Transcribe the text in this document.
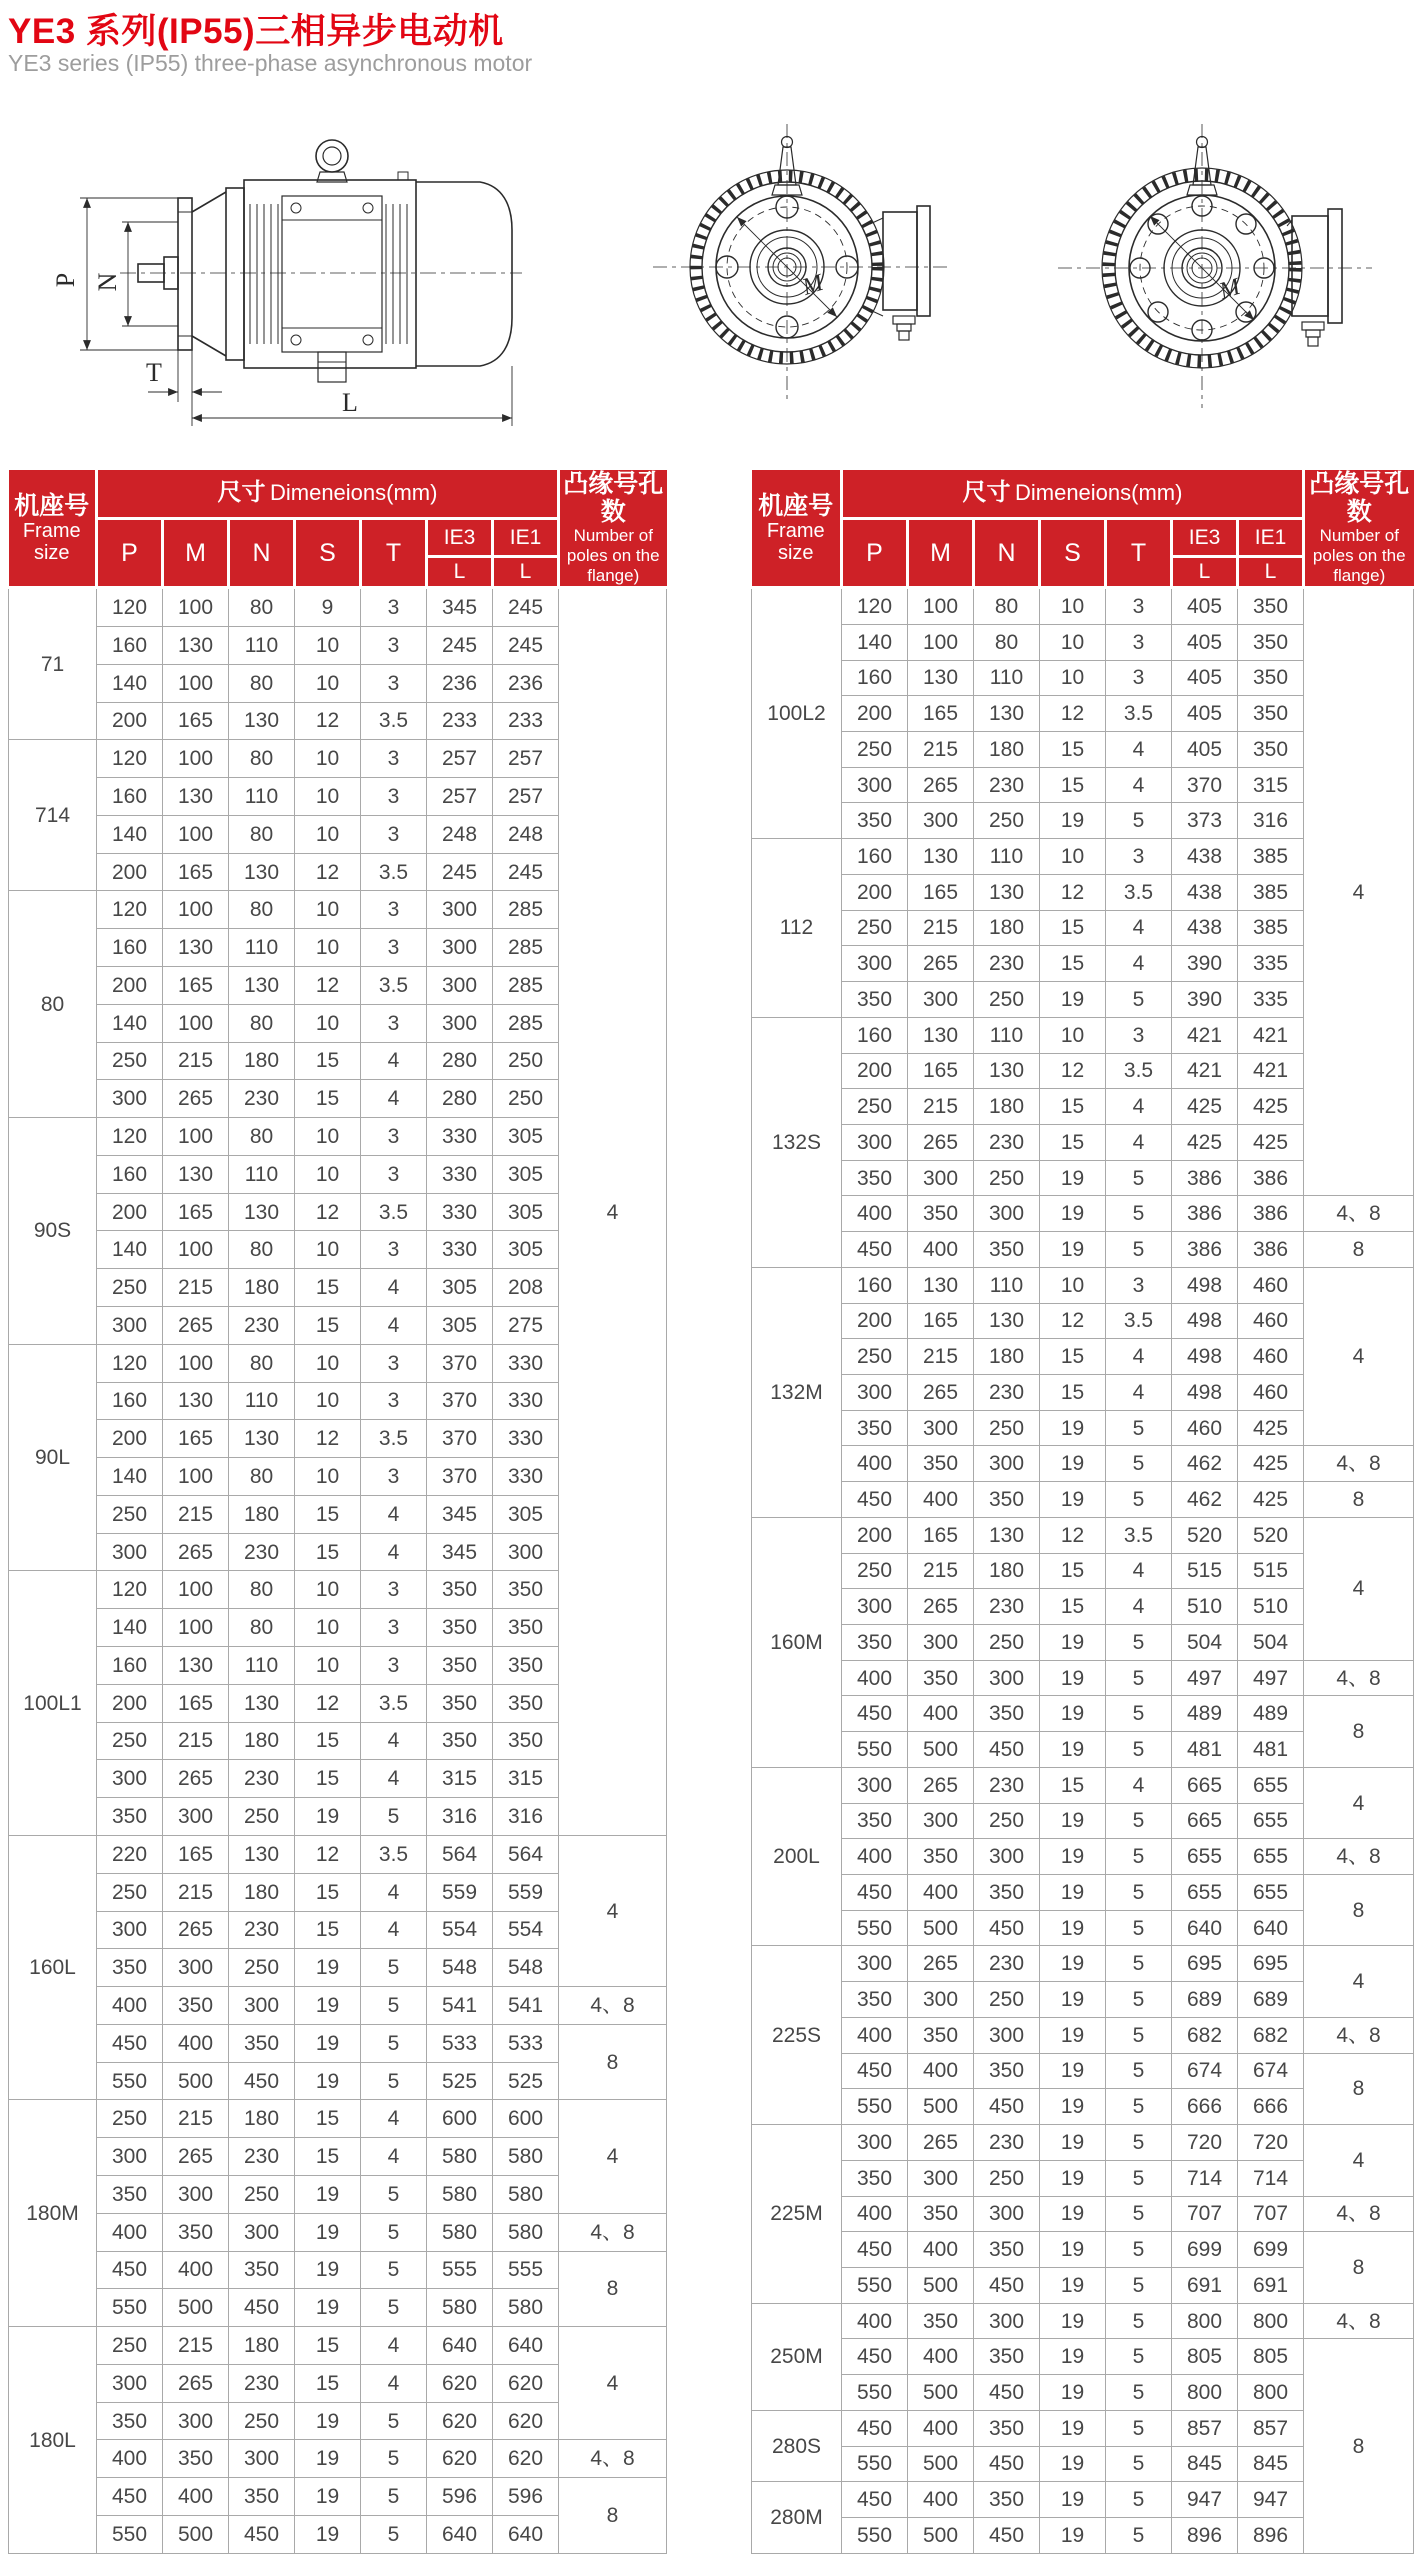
YE3 系列(IP55)三相异步电动机
YE3 series (IP55) three-phase asynchronous motor
P N
T
L
M	M
机座号
Frame size	尺寸 Dimeneions(mm)							凸缘号孔数
Number of poles on the flange)

	P	M	N	S	T	IE3	IE1	
						L	L	
71	120	100	80	9	3	345	245	4
	160	130	110	10	3	245	245	
	140	100	80	10	3	236	236	
	200	165	130	12	3.5	233	233	
714	120	100	80	10	3	257	257	
	160	130	110	10	3	257	257	
	140	100	80	10	3	248	248	
	200	165	130	12	3.5	245	245	
80	120	100	80	10	3	300	285	
	160	130	110	10	3	300	285	
	200	165	130	12	3.5	300	285	
	140	100	80	10	3	300	285	
	250	215	180	15	4	280	250	
	300	265	230	15	4	280	250	
90S	120	100	80	10	3	330	305	
	160	130	110	10	3	330	305	
	200	165	130	12	3.5	330	305	
	140	100	80	10	3	330	305	
	250	215	180	15	4	305	208	
	300	265	230	15	4	305	275	
90L	120	100	80	10	3	370	330	
	160	130	110	10	3	370	330	
	200	165	130	12	3.5	370	330	
	140	100	80	10	3	370	330	
	250	215	180	15	4	345	305	
	300	265	230	15	4	345	300	
100L1	120	100	80	10	3	350	350	
	140	100	80	10	3	350	350	
	160	130	110	10	3	350	350	
	200	165	130	12	3.5	350	350	
	250	215	180	15	4	350	350	
	300	265	230	15	4	315	315	
	350	300	250	19	5	316	316	
160L	220	165	130	12	3.5	564	564	4
	250	215	180	15	4	559	559	
	300	265	230	15	4	554	554	
	350	300	250	19	5	548	548	
	400	350	300	19	5	541	541	4、8
	450	400	350	19	5	533	533	8
	550	500	450	19	5	525	525	
180M	250	215	180	15	4	600	600	4
	300	265	230	15	4	580	580	
	350	300	250	19	5	580	580	
	400	350	300	19	5	580	580	4、8
	450	400	350	19	5	555	555	8
	550	500	450	19	5	580	580	
180L	250	215	180	15	4	640	640	4
	300	265	230	15	4	620	620	
	350	300	250	19	5	620	620	
	400	350	300	19	5	620	620	4、8
	450	400	350	19	5	596	596	8
	550	500	450	19	5	640	640	
机座号
Frame size	尺寸 Dimeneions(mm)							凸缘号孔数
Number of poles on the flange)

	P	M	N	S	T	IE3	IE1	
						L	L	
100L2	120	100	80	10	3	405	350	4
	140	100	80	10	3	405	350	
	160	130	110	10	3	405	350	
	200	165	130	12	3.5	405	350	
	250	215	180	15	4	405	350	
	300	265	230	15	4	370	315	
	350	300	250	19	5	373	316	
112	160	130	110	10	3	438	385	
	200	165	130	12	3.5	438	385	
	250	215	180	15	4	438	385	
	300	265	230	15	4	390	335	
	350	300	250	19	5	390	335	
132S	160	130	110	10	3	421	421	
	200	165	130	12	3.5	421	421	
	250	215	180	15	4	425	425	
	300	265	230	15	4	425	425	
	350	300	250	19	5	386	386	
	400	350	300	19	5	386	386	4、8
	450	400	350	19	5	386	386	8
132M	160	130	110	10	3	498	460	4
	200	165	130	12	3.5	498	460	
	250	215	180	15	4	498	460	
	300	265	230	15	4	498	460	
	350	300	250	19	5	460	425	
	400	350	300	19	5	462	425	4、8
	450	400	350	19	5	462	425	8
160M	200	165	130	12	3.5	520	520	4
	250	215	180	15	4	515	515	
	300	265	230	15	4	510	510	
	350	300	250	19	5	504	504	
	400	350	300	19	5	497	497	4、8
	450	400	350	19	5	489	489	8
	550	500	450	19	5	481	481	
200L	300	265	230	15	4	665	655	4
	350	300	250	19	5	665	655	
	400	350	300	19	5	655	655	4、8
	450	400	350	19	5	655	655	8
	550	500	450	19	5	640	640	
225S	300	265	230	19	5	695	695	4
	350	300	250	19	5	689	689	
	400	350	300	19	5	682	682	4、8
	450	400	350	19	5	674	674	8
	550	500	450	19	5	666	666	
225M	300	265	230	19	5	720	720	4
	350	300	250	19	5	714	714	
	400	350	300	19	5	707	707	4、8
	450	400	350	19	5	699	699	8
	550	500	450	19	5	691	691	
250M	400	350	300	19	5	800	800	4、8
	450	400	350	19	5	805	805	8
	550	500	450	19	5	800	800	
280S	450	400	350	19	5	857	857	
	550	500	450	19	5	845	845	
280M	450	400	350	19	5	947	947	
	550	500	450	19	5	896	896	
